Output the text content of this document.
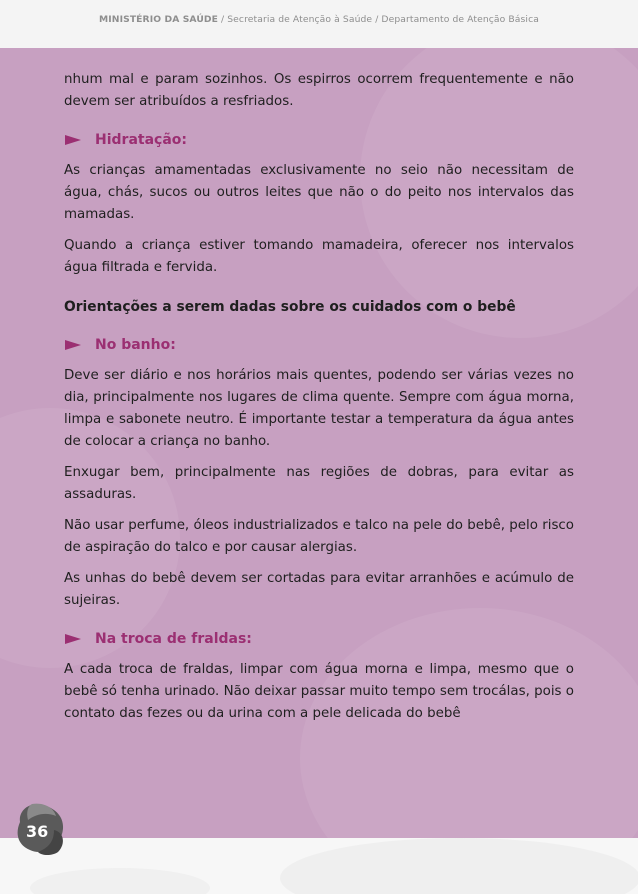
MINISTÉRIO DA SAÚDE / Secretaria de Atenção à Saúde / Departamento de Atenção Básica

nhum mal e param sozinhos. Os espirros ocorrem frequentemente e não devem ser atribuídos a resfriados.

Hidratação:

As crianças amamentadas exclusivamente no seio não necessitam de água, chás, sucos ou outros leites que não o do peito nos intervalos das mamadas.

Quando a criança estiver tomando mamadeira, oferecer nos intervalos água filtrada e fervida.

Orientações a serem dadas sobre os cuidados com o bebê
No banho:

Deve ser diário e nos horários mais quentes, podendo ser várias vezes no dia, principalmente nos lugares de clima quente. Sempre com água morna, limpa e sabonete neutro. É importante testar a temperatura da água antes de colocar a criança no banho.

Enxugar bem, principalmente nas regiões de dobras, para evitar as assaduras.

Não usar perfume, óleos industrializados e talco na pele do bebê, pelo risco de aspiração do talco e por causar alergias.

As unhas do bebê devem ser cortadas para evitar arranhões e acúmulo de sujeiras.

Na troca de fraldas:

A cada troca de fraldas, limpar com água morna e limpa, mesmo que o bebê só tenha urinado. Não deixar passar muito tempo sem trocálas, pois o contato das fezes ou da urina com a pele delicada do bebê

36
